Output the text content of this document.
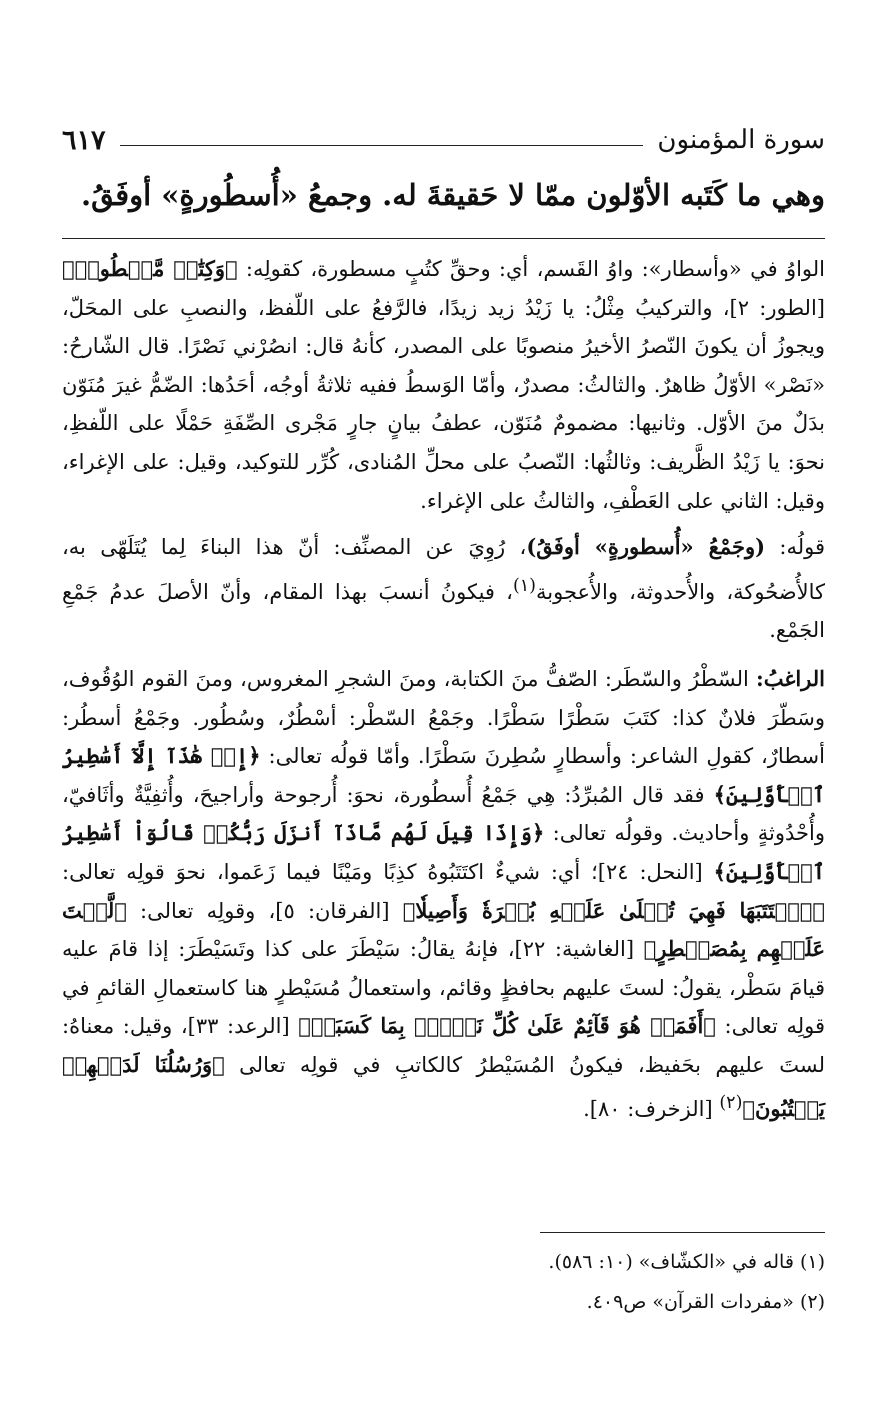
سورة المؤمنون
٦١٧
وهي ما كَتَبه الأوّلون ممّا لا حَقيقةَ له. وجمعُ «أُسطُورةٍ» أوفَقُ.

الواوُ في «وأسطار»: واوُ القَسم، أي: وحقِّ كتُبٍ مسطورة، كقولِه: ﴿وَكِتَٰبٖ مَّسۡطُورٖ﴾ [الطور: ٢]، والتركيبُ مِثْلُ: يا زَيْدُ زيد زيدًا، فالرَّفعُ على اللّفظ، والنصبِ على المحَلّ، ويجوزُ أن يكونَ النّصرُ الأخيرُ منصوبًا على المصدر، كأنهُ قال: انصُرْني نَصْرًا. قال الشّارحُ: «نَصْر» الأوّلُ ظاهرٌ. والثالثُ: مصدرٌ، وأمّا الوَسطُ ففيه ثلاثةُ أوجُه، أحَدُها: الضّمُّ غيرَ مُنَوّن بدَلٌ منَ الأوّل. وثانيها: مضمومٌ مُنَوّن، عطفُ بيانٍ جارٍ مَجْرى الصِّفَةِ حَمْلًا على اللّفظِ، نحوَ: يا زَيْدُ الظَّريف: وثالثُها: النّصبُ على محلِّ المُنادى، كُرِّر للتوكيد، وقيل: على الإغراء، وقيل: الثاني على العَطْفِ، والثالثُ على الإغراء.

قولُه: (وجَمْعُ «أُسطورةٍ» أوفَقُ)، رُوِيَ عن المصنِّف: أنّ هذا البناءَ لِما يُتَلَهّى به، كالأُضحُوكة، والأُحدوثة، والأُعجوبة$^{(١)}$، فيكونُ أنسبَ بهذا المقام، وأنّ الأصلَ عدمُ جَمْعِ الجَمْع.

الراغبُ: السّطْرُ والسّطَر: الصّفُّ منَ الكتابة، ومنَ الشجرِ المغروس، ومنَ القوم الوُقُوف، وسَطّرَ فلانٌ كذا: كتَبَ سَطْرًا سَطْرًا. وجَمْعُ السّطْر: أسْطُرٌ، وسُطُور. وجَمْعُ أسطُر: أسطارٌ، كقولِ الشاعر: وأسطارٍ سُطِرنَ سَطْرًا. وأمّا قولُه تعالى: ﴿إِنۡ هَٰذَآ إِلَّآ أَسَٰطِيرُ ٱلۡأَوَّلِينَ﴾ فقد قال المُبرِّدُ: هِي جَمْعُ أُسطُورة، نحوَ: أُرجوحة وأراجيحَ، وأُثفِيَّةٌ وأثَافيّ، وأُحْدُوثةٍ وأحاديث. وقولُه تعالى: ﴿وَإِذَا قِيلَ لَهُم مَّاذَآ أَنزَلَ رَبُّكُمۡ قَالُوٓاْ أَسَٰطِيرُ ٱلۡأَوَّلِينَ﴾ [النحل: ٢٤]؛ أي: شيءٌ اكتَتَبُوهُ كذِبًا ومَيْنًا فيما زَعَموا، نحوَ قولِه تعالى: ﴿ٱكۡتَتَبَهَا فَهِيَ تُمۡلَىٰ عَلَيۡهِ بُكۡرَةٗ وَأَصِيلٗا﴾ [الفرقان: ٥]، وقولِه تعالى: ﴿لَّسۡتَ عَلَيۡهِم بِمُصَيۡطِرٍ﴾ [الغاشية: ٢٢]، فإنهُ يقالُ: سَيْطَرَ على كذا وتَسَيْطَرَ: إذا قامَ عليه قيامَ سَطْر، يقولُ: لستَ عليهم بحافظٍ وقائم، واستعمالُ مُسَيْطرٍ هنا كاستعمالِ القائمِ في قولِه تعالى: ﴿أَفَمَنۡ هُوَ قَآئِمٌ عَلَىٰ كُلِّ نَفۡسِۭ بِمَا كَسَبَتۡ﴾ [الرعد: ٣٣]، وقيل: معناهُ: لستَ عليهم بحَفيظ، فيكونُ المُسَيْطرُ كالكاتبِ في قولِه تعالى ﴿وَرُسُلُنَا لَدَيۡهِمۡ يَكۡتُبُونَ﴾$^{(٢)}$ [الزخرف: ٨٠].

(١) قاله في «الكشّاف» (١٠: ٥٨٦).
(٢) «مفردات القرآن» ص٤٠٩.
